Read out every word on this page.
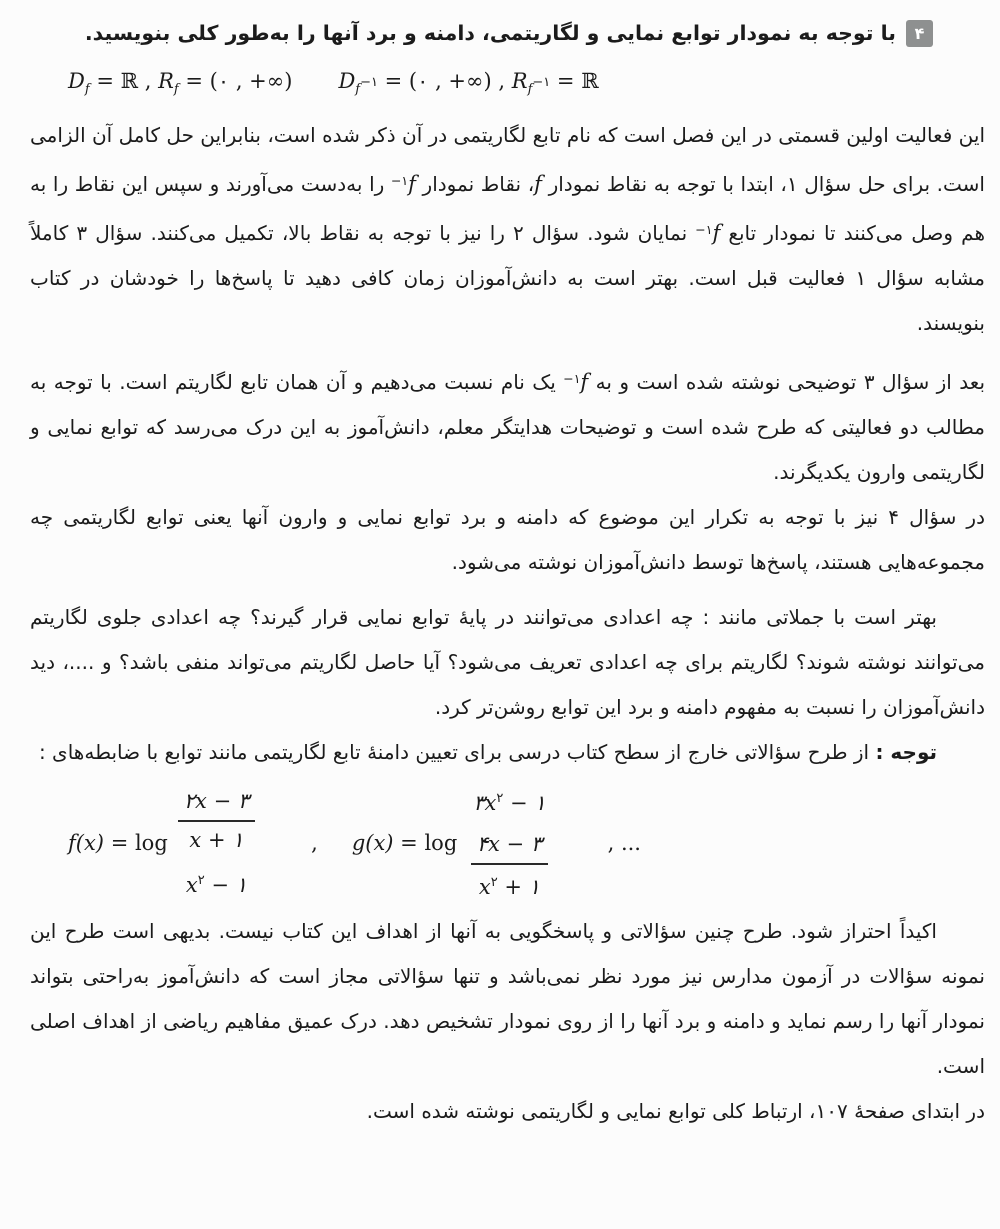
۴
با توجه به نمودار توابع نمایی و لگاریتمی، دامنه و برد آنها را به‌طور کلی بنویسید.
$D_f$ = ℝ , $R_f$ = (۰ , +∞) $D_f-۱$ = (۰ , +∞) , $R_f-۱$ = ℝ

این فعالیت اولین قسمتی در این فصل است که نام تابع لگاریتمی در آن ذکر شده است، بنابراین حل کامل آن الزامی است. برای حل سؤال ۱، ابتدا با توجه به نقاط نمودار f، نقاط نمودار $^{-۱}$f را به‌دست می‌آورند و سپس این نقاط را به هم وصل می‌کنند تا نمودار تابع $^{-۱}$f نمایان شود. سؤال ۲ را نیز با توجه به نقاط بالا، تکمیل می‌کنند. سؤال ۳ کاملاً مشابه سؤال ۱ فعالیت قبل است. بهتر است به دانش‌آموزان زمان کافی دهید تا پاسخ‌ها را خودشان در کتاب بنویسند.

بعد از سؤال ۳ توضیحی نوشته شده است و به $^{-۱}$f یک نام نسبت می‌دهیم و آن همان تابع لگاریتم است. با توجه به مطالب دو فعالیتی که طرح شده است و توضیحات هدایتگر معلم، دانش‌آموز به این درک می‌رسد که توابع نمایی و لگاریتمی وارون یکدیگرند.

در سؤال ۴ نیز با توجه به تکرار این موضوع که دامنه و برد توابع نمایی و وارون آنها یعنی توابع لگاریتمی چه مجموعه‌هایی هستند، پاسخ‌ها توسط دانش‌آموزان نوشته می‌شود.

بهتر است با جملاتی مانند : چه اعدادی می‌توانند در پایهٔ توابع نمایی قرار گیرند؟ چه اعدادی جلوی لگاریتم می‌توانند نوشته شوند؟ لگاریتم برای چه اعدادی تعریف می‌شود؟ آیا حاصل لگاریتم می‌تواند منفی باشد؟ و ....، دید دانش‌آموزان را نسبت به مفهوم دامنه و برد این توابع روشن‌تر کرد.

توجه : از طرح سؤالاتی خارج از سطح کتاب درسی برای تعیین دامنهٔ تابع لگاریتمی مانند توابع با ضابطه‌های :

f(x) = log
۲x − ۳
x + ۱
$x^۲$ − ۱
, g(x) = log
$۳x^۲$ − ۱
۴x − ۳
$x^۲$ + ۱
, ...

اکیداً احتراز شود. طرح چنین سؤالاتی و پاسخگویی به آنها از اهداف این کتاب نیست. بدیهی است طرح این نمونه سؤالات در آزمون مدارس نیز مورد نظر نمی‌باشد و تنها سؤالاتی مجاز است که دانش‌آموز به‌راحتی بتواند نمودار آنها را رسم نماید و دامنه و برد آنها را از روی نمودار تشخیص دهد. درک عمیق مفاهیم ریاضی از اهداف اصلی است.

در ابتدای صفحهٔ ۱۰۷، ارتباط کلی توابع نمایی و لگاریتمی نوشته شده است.
